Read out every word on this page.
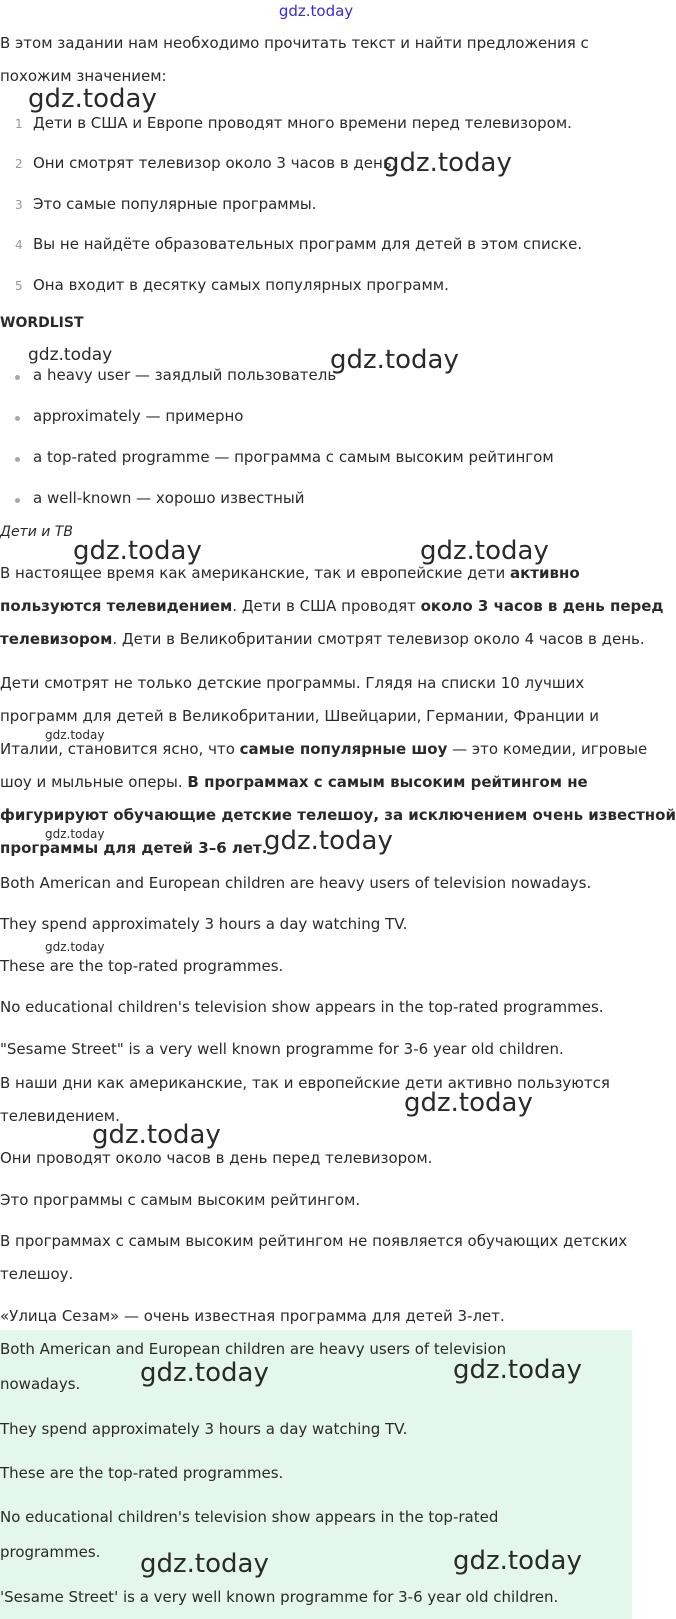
gdz.today
В этом задании нам необходимо прочитать текст и найти предложения с
похожим значением:
1 Дети в США и Европе проводят много времени перед телевизором.
2 Они смотрят телевизор около 3 часов в день.
3 Это самые популярные программы.
4 Вы не найдёте образовательных программ для детей в этом списке.
5 Она входит в десятку самых популярных программ.
WORDLIST
a heavy user — заядлый пользователь
approximately — примерно
a top-rated programme — программа с самым высоким рейтингом
a well-known — хорошо известный
Дети и ТВ
В настоящее время как американские, так и европейские дети активно
пользуются телевидением. Дети в США проводят около 3 часов в день перед
телевизором. Дети в Великобритании смотрят телевизор около 4 часов в день.
Дети смотрят не только детские программы. Глядя на списки 10 лучших
программ для детей в Великобритании, Швейцарии, Германии, Франции и
Италии, становится ясно, что самые популярные шоу — это комедии, игровые
шоу и мыльные оперы. В программах с самым высоким рейтингом не
фигурируют обучающие детские телешоу, за исключением очень известной
программы для детей 3–6 лет.
Both American and European children are heavy users of television nowadays.
They spend approximately 3 hours a day watching TV.
These are the top-rated programmes.
No educational children's television show appears in the top-rated programmes.
"Sesame Street" is a very well known programme for 3-6 year old children.
В наши дни как американские, так и европейские дети активно пользуются
телевидением.
Они проводят около часов в день перед телевизором.
Это программы с самым высоким рейтингом.
В программах с самым высоким рейтингом не появляется обучающих детских
телешоу.
«Улица Сезам» — очень известная программа для детей 3-лет.
Both American and European children are heavy users of television
nowadays.
They spend approximately 3 hours a day watching TV.
These are the top-rated programmes.
No educational children's television show appears in the top-rated
programmes.
'Sesame Street' is a very well known programme for 3-6 year old children.
gdz.today
gdz.today
gdz.today	gdz.today
gdz.today	gdz.today
gdz.today
gdz.today	gdz.today
gdz.today
gdz.today
gdz.today
gdz.today	gdz.today
gdz.today	gdz.today
